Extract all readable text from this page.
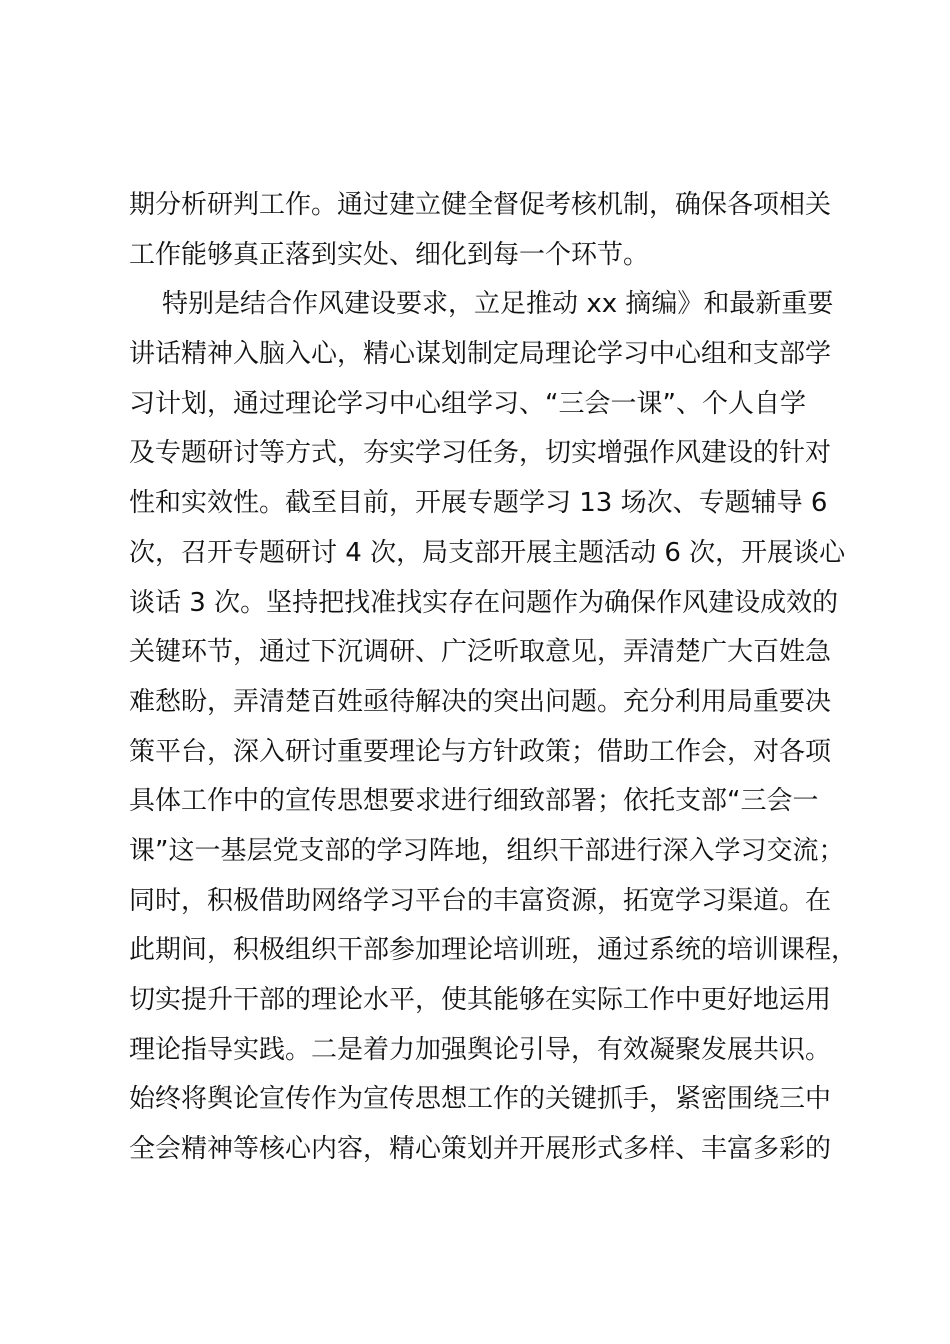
期分析研判工作。通过建立健全督促考核机制，确保各项相关
工作能够真正落到实处、细化到每一个环节。
特别是结合作风建设要求，立足推动 xx 摘编》和最新重要
讲话精神入脑入心，精心谋划制定局理论学习中心组和支部学
习计划，通过理论学习中心组学习、“三会一课”、个人自学
及专题研讨等方式，夯实学习任务，切实增强作风建设的针对
性和实效性。截至目前，开展专题学习 13 场次、专题辅导 6
次，召开专题研讨 4 次，局支部开展主题活动 6 次，开展谈心
谈话 3 次。坚持把找准找实存在问题作为确保作风建设成效的
关键环节，通过下沉调研、广泛听取意见，弄清楚广大百姓急
难愁盼，弄清楚百姓亟待解决的突出问题。充分利用局重要决
策平台，深入研讨重要理论与方针政策；借助工作会，对各项
具体工作中的宣传思想要求进行细致部署；依托支部“三会一
课”这一基层党支部的学习阵地，组织干部进行深入学习交流；
同时，积极借助网络学习平台的丰富资源，拓宽学习渠道。在
此期间，积极组织干部参加理论培训班，通过系统的培训课程，
切实提升干部的理论水平，使其能够在实际工作中更好地运用
理论指导实践。二是着力加强舆论引导，有效凝聚发展共识。
始终将舆论宣传作为宣传思想工作的关键抓手，紧密围绕三中
全会精神等核心内容，精心策划并开展形式多样、丰富多彩的
